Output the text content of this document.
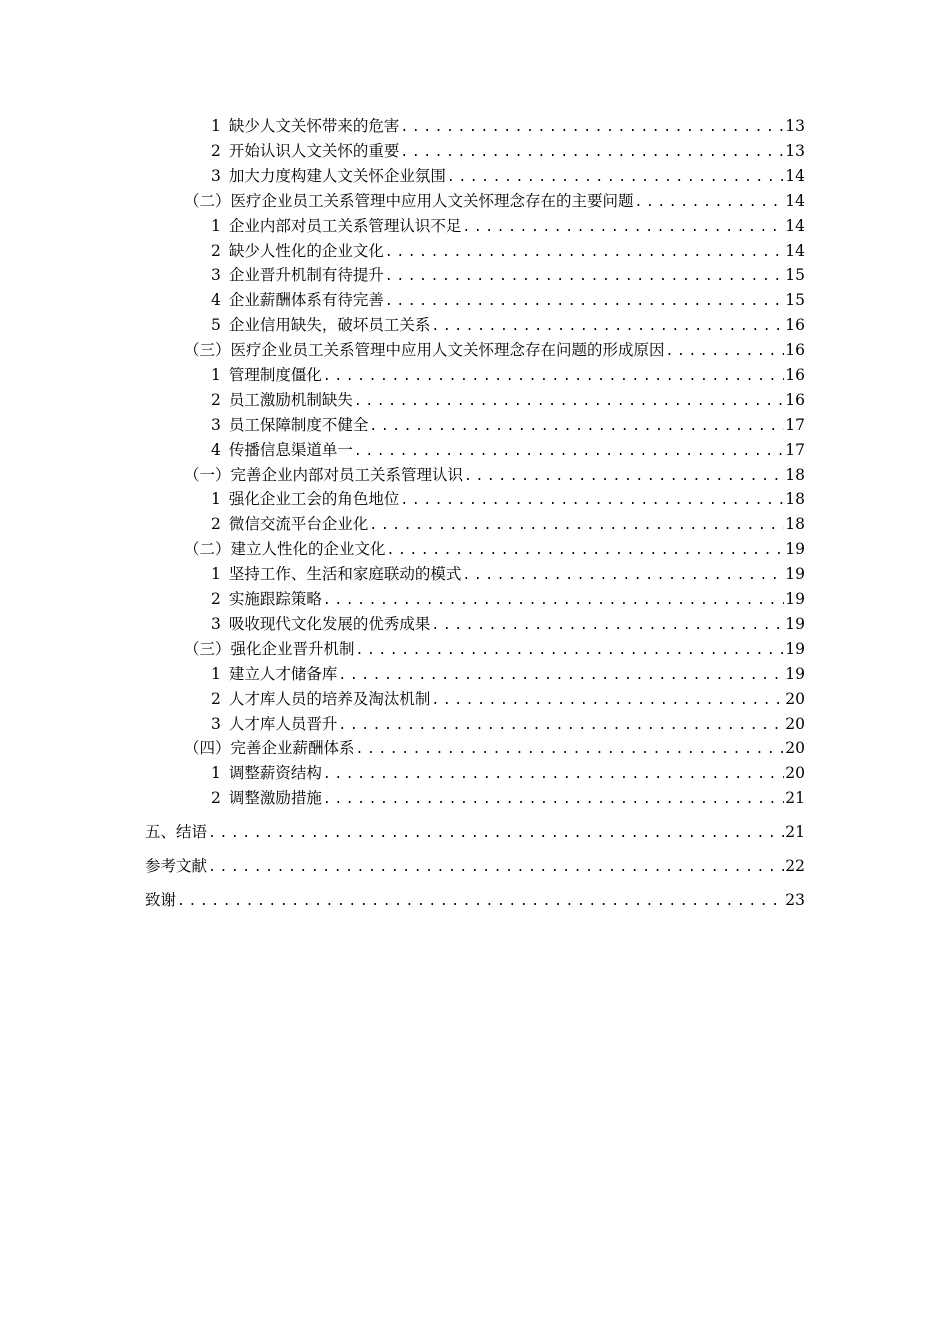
1 缺少人文关怀带来的危害 .....	13
2 开始认识人文关怀的重要 .....	13
3 加大力度构建人文关怀企业氛围 .....	14
（二）医疗企业员工关系管理中应用人文关怀理念存在的主要问题 .....	14
1 企业内部对员工关系管理认识不足 .....	14
2 缺少人性化的企业文化 .....	14
3 企业晋升机制有待提升 .....	15
4 企业薪酬体系有待完善 .....	15
5 企业信用缺失，破坏员工关系 .....	16
（三）医疗企业员工关系管理中应用人文关怀理念存在问题的形成原因 .....	16
1 管理制度僵化 .....	16
2 员工激励机制缺失 .....	16
3 员工保障制度不健全 .....	17
4 传播信息渠道单一 .....	17
（一）完善企业内部对员工关系管理认识 .....	18
1 强化企业工会的角色地位 .....	18
2 微信交流平台企业化 .....	18
（二）建立人性化的企业文化 .....	19
1 坚持工作、生活和家庭联动的模式 .....	19
2 实施跟踪策略 .....	19
3 吸收现代文化发展的优秀成果 .....	19
（三）强化企业晋升机制 .....	19
1 建立人才储备库 .....	19
2 人才库人员的培养及淘汰机制 .....	20
3 人才库人员晋升 .....	20
（四）完善企业薪酬体系 .....	20
1 调整薪资结构 .....	20
2 调整激励措施 .....	21
五、结语 .....	21
参考文献 .....	22
致谢 .....	23
